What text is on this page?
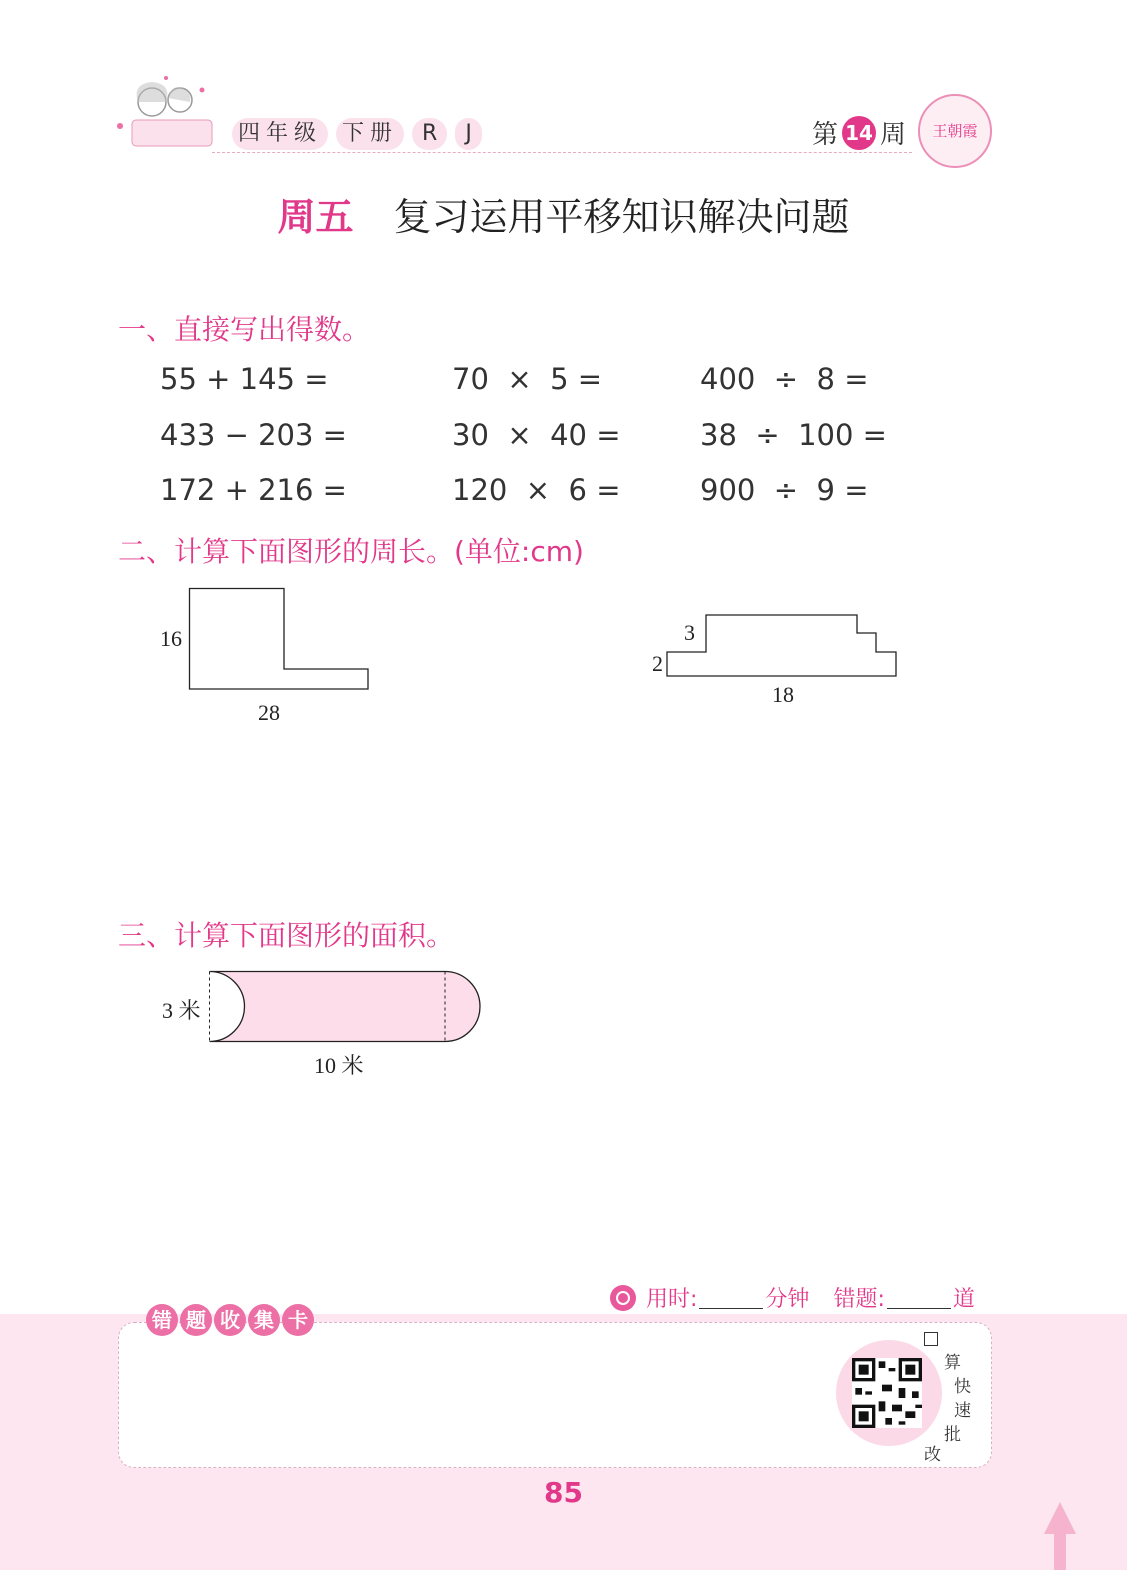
四年级 下册	R	J	第 14 周	王朝霞
周五 复习运用平移知识解决问题
一、直接写出得数。
55 + 145 =	70  ×  5 =	400  ÷  8 =
433 − 203 =	30  ×  40 =	38  ÷  100 =
172 + 216 =	120  ×  6 =	900  ÷  9 =
二、计算下面图形的周长。(单位:cm)
16
28
3
2
18
三、计算下面图形的面积。
3 米
10 米
用时:	分钟 错题:	道
错 题 收 集 卡
算
快
速
批
改
85
